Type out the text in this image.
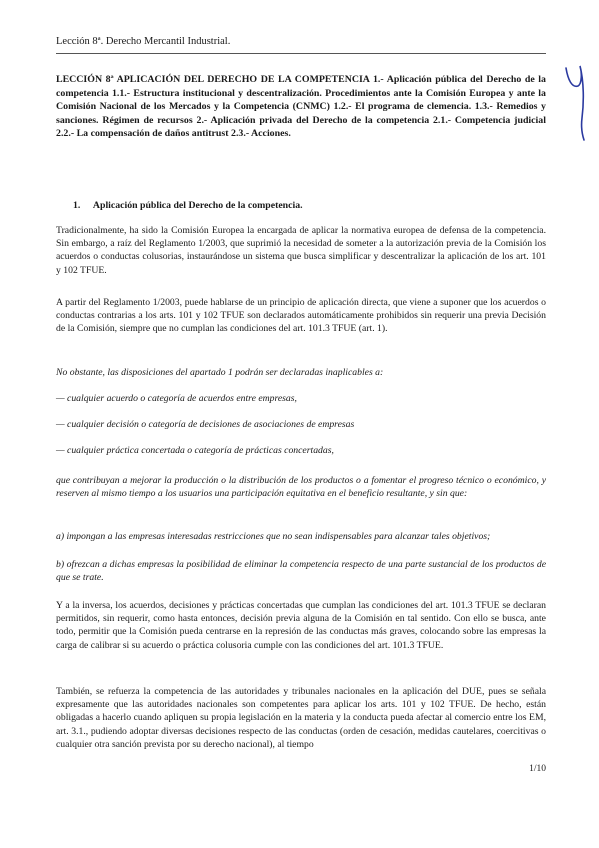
Lección 8ª. Derecho Mercantil Industrial.
LECCIÓN 8ª APLICACIÓN DEL DERECHO DE LA COMPETENCIA 1.- Aplicación pública del Derecho de la competencia 1.1.- Estructura institucional y descentralización. Procedimientos ante la Comisión Europea y ante la Comisión Nacional de los Mercados y la Competencia (CNMC) 1.2.- El programa de clemencia. 1.3.- Remedios y sanciones. Régimen de recursos 2.- Aplicación privada del Derecho de la competencia 2.1.- Competencia judicial 2.2.- La compensación de daños antitrust 2.3.- Acciones.
1. Aplicación pública del Derecho de la competencia.
Tradicionalmente, ha sido la Comisión Europea la encargada de aplicar la normativa europea de defensa de la competencia. Sin embargo, a raíz del Reglamento 1/2003, que suprimió la necesidad de someter a la autorización previa de la Comisión los acuerdos o conductas colusorias, instaurándose un sistema que busca simplificar y descentralizar la aplicación de los art. 101 y 102 TFUE.
A partir del Reglamento 1/2003, puede hablarse de un principio de aplicación directa, que viene a suponer que los acuerdos o conductas contrarias a los arts. 101 y 102 TFUE son declarados automáticamente prohibidos sin requerir una previa Decisión de la Comisión, siempre que no cumplan las condiciones del art. 101.3 TFUE (art. 1).
No obstante, las disposiciones del apartado 1 podrán ser declaradas inaplicables a:
— cualquier acuerdo o categoría de acuerdos entre empresas,
— cualquier decisión o categoría de decisiones de asociaciones de empresas
— cualquier práctica concertada o categoría de prácticas concertadas,
que contribuyan a mejorar la producción o la distribución de los productos o a fomentar el progreso técnico o económico, y reserven al mismo tiempo a los usuarios una participación equitativa en el beneficio resultante, y sin que:
a) impongan a las empresas interesadas restricciones que no sean indispensables para alcanzar tales objetivos;
b) ofrezcan a dichas empresas la posibilidad de eliminar la competencia respecto de una parte sustancial de los productos de que se trate.
Y a la inversa, los acuerdos, decisiones y prácticas concertadas que cumplan las condiciones del art. 101.3 TFUE se declaran permitidos, sin requerir, como hasta entonces, decisión previa alguna de la Comisión en tal sentido. Con ello se busca, ante todo, permitir que la Comisión pueda centrarse en la represión de las conductas más graves, colocando sobre las empresas la carga de calibrar si su acuerdo o práctica colusoria cumple con las condiciones del art. 101.3 TFUE.
También, se refuerza la competencia de las autoridades y tribunales nacionales en la aplicación del DUE, pues se señala expresamente que las autoridades nacionales son competentes para aplicar los arts. 101 y 102 TFUE. De hecho, están obligadas a hacerlo cuando apliquen su propia legislación en la materia y la conducta pueda afectar al comercio entre los EM, art. 3.1., pudiendo adoptar diversas decisiones respecto de las conductas (orden de cesación, medidas cautelares, coercitivas o cualquier otra sanción prevista por su derecho nacional), al tiempo
1/10
